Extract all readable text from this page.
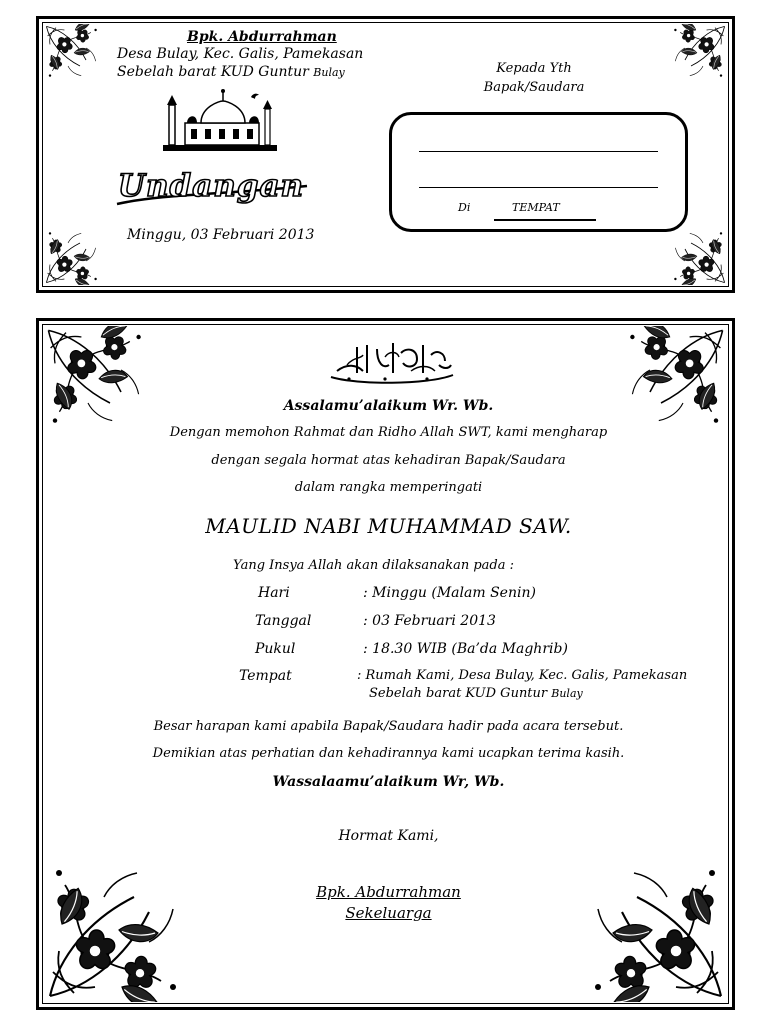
Bpk. Abdurrahman
Desa Bulay, Kec. Galis, Pamekasan
Sebelah barat KUD Guntur Bulay
Undangan
Minggu, 03 Februari 2013
Kepada Yth
Bapak/Saudara
Di	TEMPAT
Assalamu’alaikum Wr. Wb.
Dengan memohon Rahmat dan Ridho Allah SWT, kami mengharap
dengan segala hormat atas kehadiran Bapak/Saudara
dalam rangka memperingati
MAULID NABI MUHAMMAD SAW.
Yang Insya Allah akan dilaksanakan pada :
Hari	: Minggu (Malam Senin)
Tanggal	: 03 Februari 2013
Pukul	: 18.30 WIB (Ba’da Maghrib)
Tempat	: Rumah Kami, Desa Bulay, Kec. Galis, Pamekasan
Sebelah barat KUD Guntur Bulay
Besar harapan kami apabila Bapak/Saudara hadir pada acara tersebut.
Demikian atas perhatian dan kehadirannya kami ucapkan terima kasih.
Wassalaamu’alaikum Wr, Wb.
Hormat Kami,
Bpk. Abdurrahman
Sekeluarga
